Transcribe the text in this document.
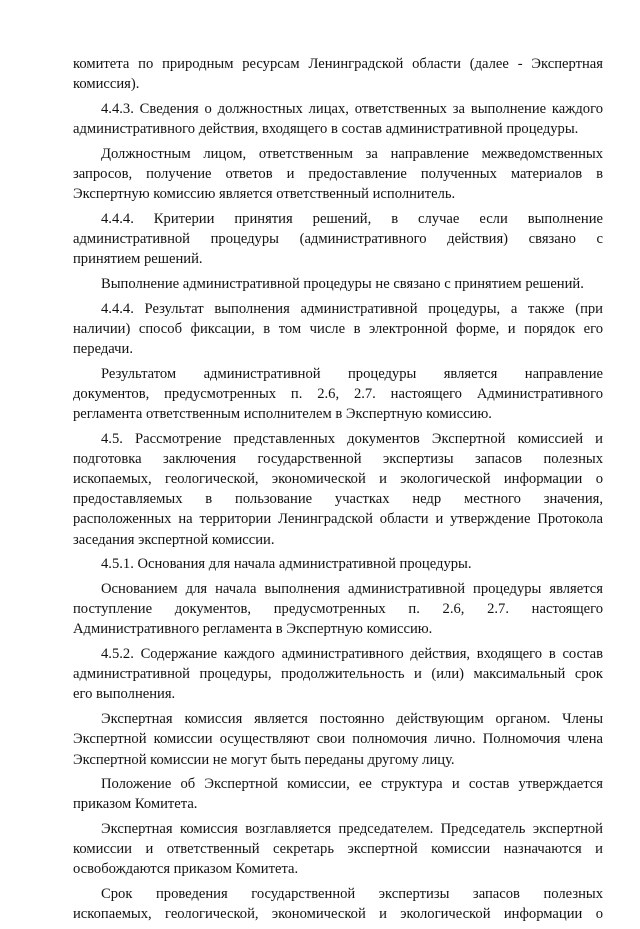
комитета по природным ресурсам Ленинградской области (далее - Экспертная
комиссия).
4.4.3. Сведения о должностных лицах, ответственных за выполнение каждого
административного действия, входящего в состав административной процедуры.
Должностным лицом, ответственным за направление межведомственных
запросов, получение ответов и предоставление полученных материалов в
Экспертную комиссию является ответственный исполнитель.
4.4.4. Критерии принятия решений, в случае если выполнение
административной процедуры (административного действия) связано с
принятием решений.
Выполнение административной процедуры не связано с принятием решений.
4.4.4. Результат выполнения административной процедуры, а также (при
наличии) способ фиксации, в том числе в электронной форме, и порядок его
передачи.
Результатом административной процедуры является направление
документов, предусмотренных п. 2.6, 2.7. настоящего Административного
регламента ответственным исполнителем в Экспертную комиссию.
4.5. Рассмотрение представленных документов Экспертной комиссией и
подготовка заключения государственной экспертизы запасов полезных
ископаемых, геологической, экономической и экологической информации о
предоставляемых в пользование участках недр местного значения,
расположенных на территории Ленинградской области и утверждение Протокола
заседания экспертной комиссии.
4.5.1. Основания для начала административной процедуры.
Основанием для начала выполнения административной процедуры является
поступление документов, предусмотренных п. 2.6, 2.7. настоящего
Административного регламента в Экспертную комиссию.
4.5.2. Содержание каждого административного действия, входящего в состав
административной процедуры, продолжительность и (или) максимальный срок
его выполнения.
Экспертная комиссия является постоянно действующим органом. Члены
Экспертной комиссии осуществляют свои полномочия лично. Полномочия члена
Экспертной комиссии не могут быть переданы другому лицу.
Положение об Экспертной комиссии, ее структура и состав утверждается
приказом Комитета.
Экспертная комиссия возглавляется председателем. Председатель экспертной
комиссии и ответственный секретарь экспертной комиссии назначаются и
освобождаются приказом Комитета.
Срок проведения государственной экспертизы запасов полезных
ископаемых, геологической, экономической и экологической информации о
